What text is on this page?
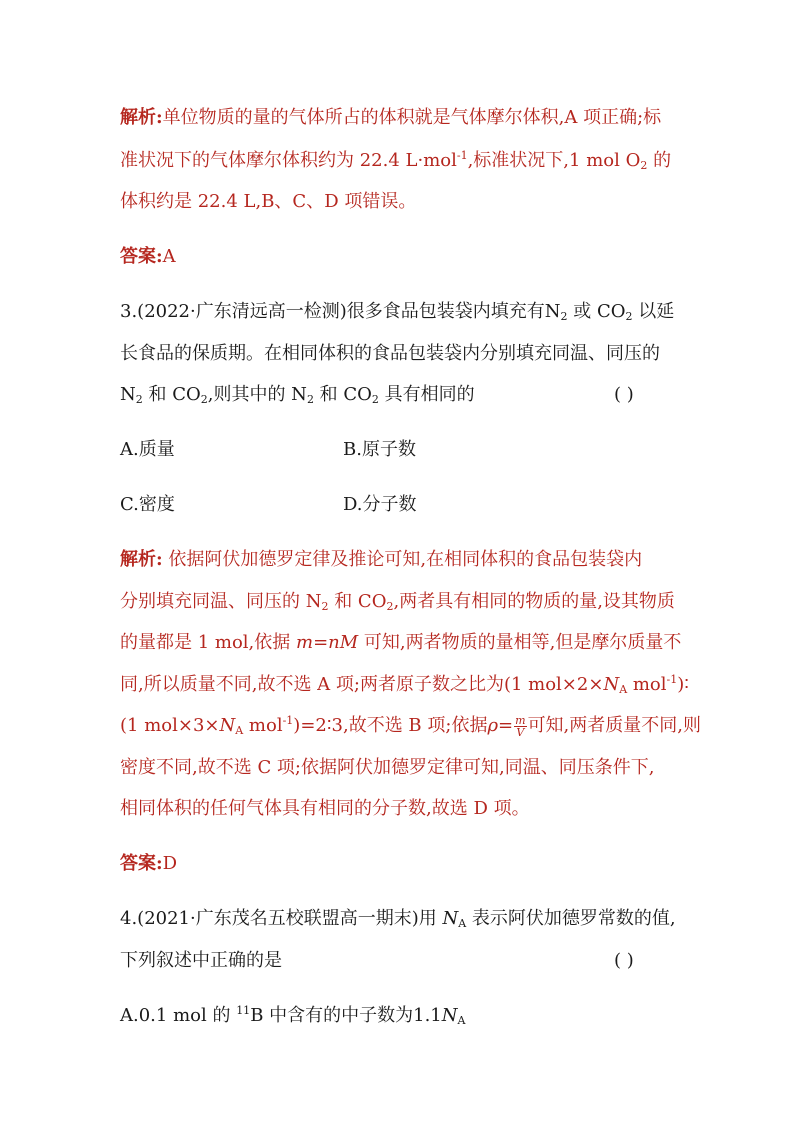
解析:单位物质的量的气体所占的体积就是气体摩尔体积,A 项正确;标
准状况下的气体摩尔体积约为 22.4 L·mol$^{-1}$,标准状况下,1 mol $O_2$ 的
体积约是 22.4 L,B、C、D 项错误。
答案:A
3.(2022·广东清远高一检测)很多食品包装袋内填充有$N_2$ 或 $CO_2$ 以延
长食品的保质期。在相同体积的食品包装袋内分别填充同温、同压的
$N_2$ 和 $CO_2$,则其中的 $N_2$ 和 $CO_2$ 具有相同的	( )
A.质量	B.原子数
C.密度	D.分子数
解析: 依据阿伏加德罗定律及推论可知,在相同体积的食品包装袋内
分别填充同温、同压的 $N_2$ 和 $CO_2$,两者具有相同的物质的量,设其物质
的量都是 1 mol,依据 m=nM 可知,两者物质的量相等,但是摩尔质量不
同,所以质量不同,故不选 A 项;两者原子数之比为(1 $mol\times 2\times N_A$ mol$^{-1}$)∶
(1 $mol\times 3\times N_A$ mol$^{-1}$)=2∶3,故不选 B 项;依据$\rho= \frac{m}{V}$ 可知,两者质量不同,则
密度不同,故不选 C 项;依据阿伏加德罗定律可知,同温、同压条件下,
相同体积的任何气体具有相同的分子数,故选 D 项。
答案:D
4.(2021·广东茂名五校联盟高一期末)用 $N_A$ 表示阿伏加德罗常数的值,
下列叙述中正确的是	( )
A.0.1 mol 的 $^{11}$B 中含有的中子数为$1.1N_A$
